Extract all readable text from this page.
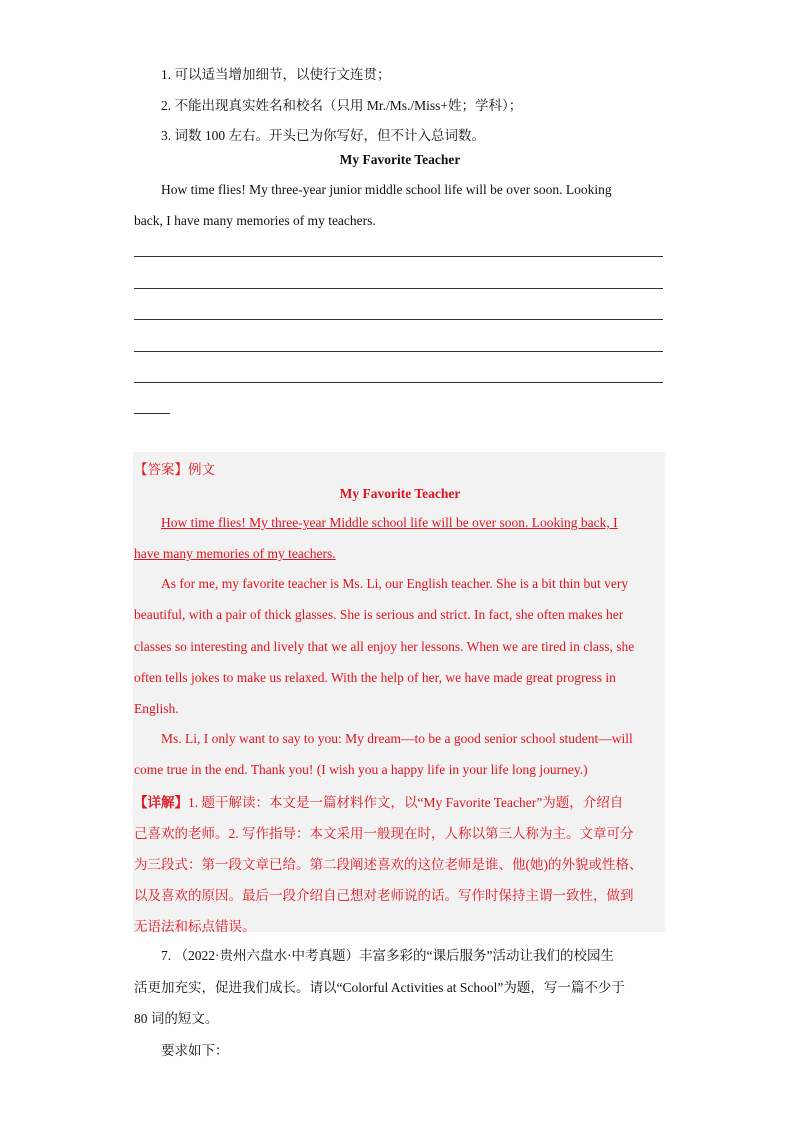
1. 可以适当增加细节，以使行文连贯；
2. 不能出现真实姓名和校名（只用 Mr./Ms./Miss+姓；学科）；
3. 词数 100 左右。开头已为你写好，但不计入总词数。
My Favorite Teacher
How time flies! My three-year junior middle school life will be over soon. Looking
back, I have many memories of my teachers.
【答案】例文
My Favorite Teacher
How time flies! My three-year Middle school life will be over soon. Looking back, I
have many memories of my teachers.
As for me, my favorite teacher is Ms. Li, our English teacher. She is a bit thin but very
beautiful, with a pair of thick glasses. She is serious and strict. In fact, she often makes her
classes so interesting and lively that we all enjoy her lessons. When we are tired in class, she
often tells jokes to make us relaxed. With the help of her, we have made great progress in
English.
Ms. Li, I only want to say to you: My dream—to be a good senior school student—will
come true in the end. Thank you! (I wish you a happy life in your life long journey.)
【详解】1. 题干解读：本文是一篇材料作文，以“My Favorite Teacher”为题，介绍自
己喜欢的老师。2. 写作指导：本文采用一般现在时，人称以第三人称为主。文章可分
为三段式：第一段文章已给。第二段阐述喜欢的这位老师是谁、他(她)的外貌或性格、
以及喜欢的原因。最后一段介绍自己想对老师说的话。写作时保持主谓一致性，做到
无语法和标点错误。
7. （2022·贵州六盘水·中考真题）丰富多彩的“课后服务”活动让我们的校园生
活更加充实，促进我们成长。请以“Colorful Activities at School”为题，写一篇不少于
80 词的短文。
要求如下：
